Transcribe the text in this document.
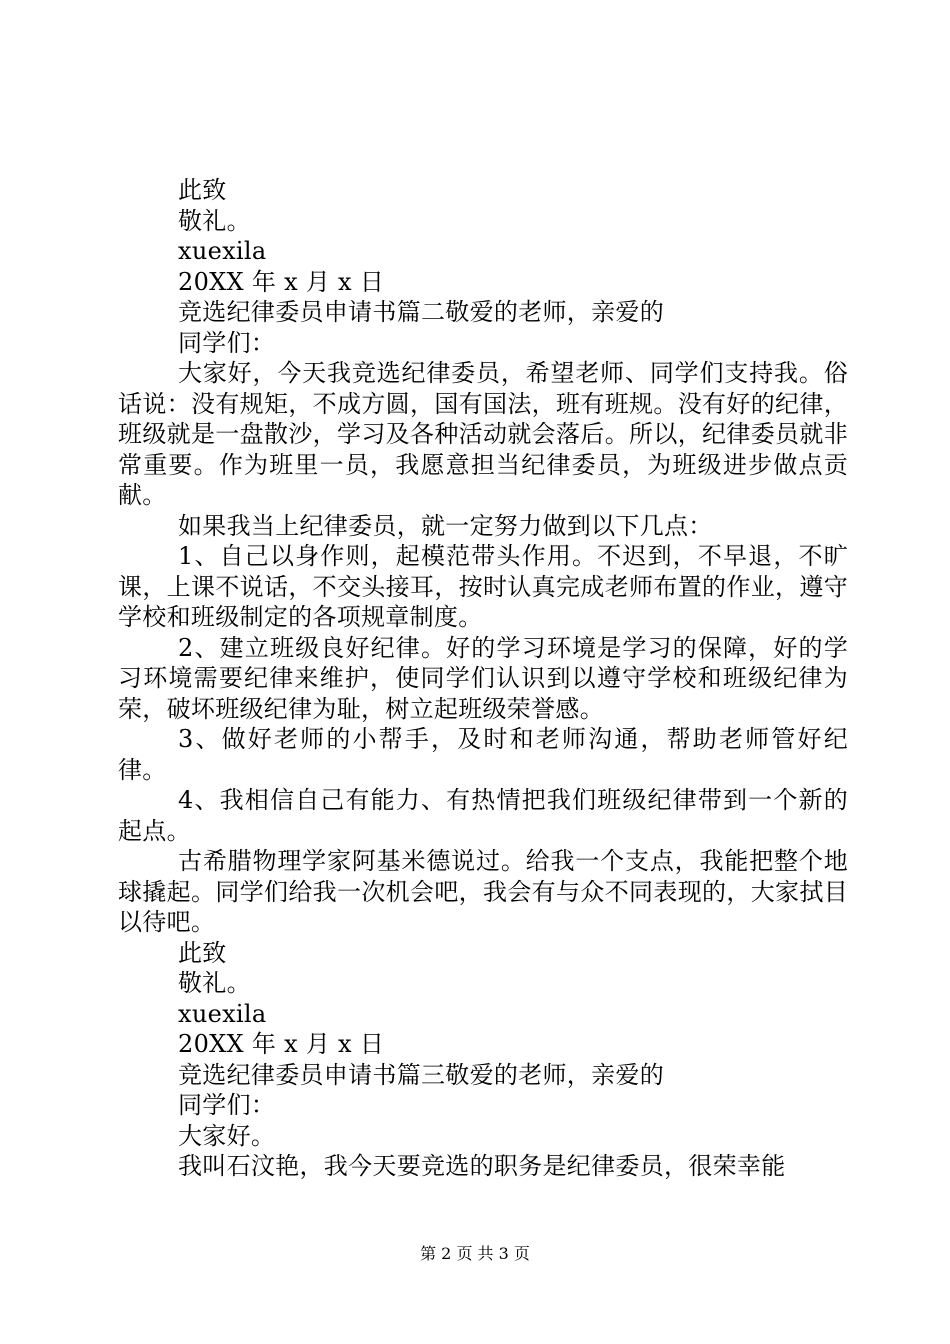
此致

敬礼。

xuexila

20XX 年 x 月 x 日

竞选纪律委员申请书篇二敬爱的老师，亲爱的

同学们：

大家好，今天我竞选纪律委员，希望老师、同学们支持我。俗话说：没有规矩，不成方圆，国有国法，班有班规。没有好的纪律，班级就是一盘散沙，学习及各种活动就会落后。所以，纪律委员就非常重要。作为班里一员，我愿意担当纪律委员，为班级进步做点贡献。

如果我当上纪律委员，就一定努力做到以下几点：

1、自己以身作则，起模范带头作用。不迟到，不早退，不旷课，上课不说话，不交头接耳，按时认真完成老师布置的作业，遵守学校和班级制定的各项规章制度。

2、建立班级良好纪律。好的学习环境是学习的保障，好的学习环境需要纪律来维护，使同学们认识到以遵守学校和班级纪律为荣，破坏班级纪律为耻，树立起班级荣誉感。

3、做好老师的小帮手，及时和老师沟通，帮助老师管好纪律。

4、我相信自己有能力、有热情把我们班级纪律带到一个新的起点。

古希腊物理学家阿基米德说过。给我一个支点，我能把整个地球撬起。同学们给我一次机会吧，我会有与众不同表现的，大家拭目以待吧。

此致

敬礼。

xuexila

20XX 年 x 月 x 日

竞选纪律委员申请书篇三敬爱的老师，亲爱的

同学们：

大家好。

我叫石汶艳，我今天要竞选的职务是纪律委员，很荣幸能

第 2 页 共 3 页
